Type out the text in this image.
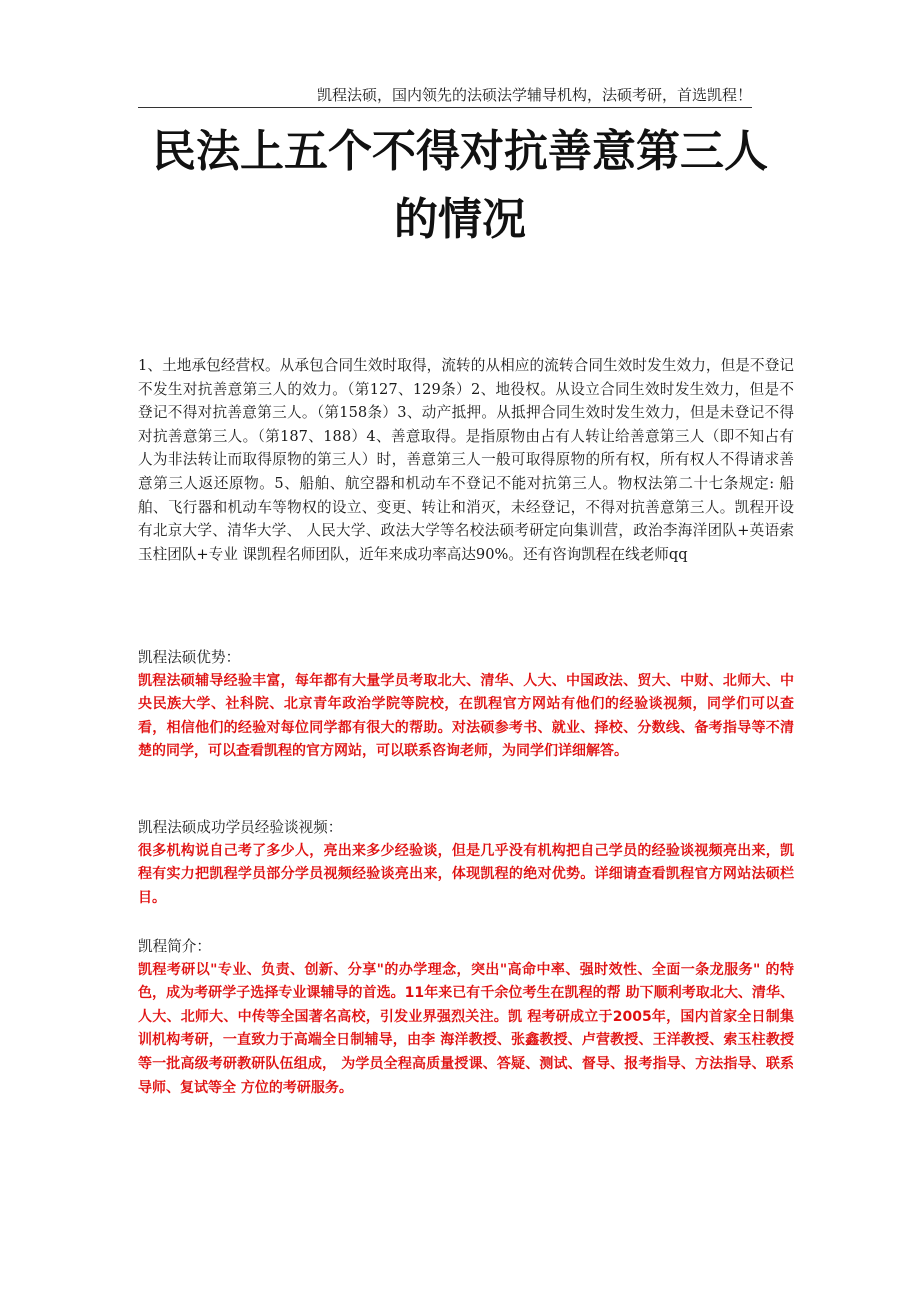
凯程法硕，国内领先的法硕法学辅导机构，法硕考研，首选凯程！
民法上五个不得对抗善意第三人
的情况

1、土地承包经营权。从承包合同生效时取得，流转的从相应的流转合同生效时发生效力，但是不登记不发生对抗善意第三人的效力。（第127、129条）2、地役权。从设立合同生效时发生效力，但是不登记不得对抗善意第三人。（第158条）3、动产抵押。从抵押合同生效时发生效力，但是未登记不得对抗善意第三人。（第187、188）4、善意取得。是指原物由占有人转让给善意第三人（即不知占有人为非法转让而取得原物的第三人）时，善意第三人一般可取得原物的所有权，所有权人不得请求善意第三人返还原物。5、船舶、航空器和机动车不登记不能对抗第三人。物权法第二十七条规定: 船舶、飞行器和机动车等物权的设立、变更、转让和消灭，未经登记，不得对抗善意第三人。凯程开设有北京大学、清华大学、 人民大学、政法大学等名校法硕考研定向集训营，政治李海洋团队+英语索玉柱团队+专业 课凯程名师团队，近年来成功率高达90%。还有咨询凯程在线老师qq

凯程法硕优势：

凯程法硕辅导经验丰富，每年都有大量学员考取北大、清华、人大、中国政法、贸大、中财、北师大、中央民族大学、社科院、北京青年政治学院等院校，在凯程官方网站有他们的经验谈视频，同学们可以查看，相信他们的经验对每位同学都有很大的帮助。对法硕参考书、就业、择校、分数线、备考指导等不清楚的同学，可以查看凯程的官方网站，可以联系咨询老师，为同学们详细解答。

凯程法硕成功学员经验谈视频：

很多机构说自己考了多少人，亮出来多少经验谈，但是几乎没有机构把自己学员的经验谈视频亮出来，凯程有实力把凯程学员部分学员视频经验谈亮出来，体现凯程的绝对优势。详细请查看凯程官方网站法硕栏目。

凯程简介：

凯程考研以"专业、负责、创新、分享"的办学理念，突出"高命中率、强时效性、全面一条龙服务" 的特色，成为考研学子选择专业课辅导的首选。11年来已有千余位考生在凯程的帮 助下顺利考取北大、清华、人大、北师大、中传等全国著名高校，引发业界强烈关注。凯 程考研成立于2005年，国内首家全日制集训机构考研，一直致力于高端全日制辅导，由李 海洋教授、张鑫教授、卢营教授、王洋教授、索玉柱教授等一批高级考研教研队伍组成， 为学员全程高质量授课、答疑、测试、督导、报考指导、方法指导、联系导师、复试等全 方位的考研服务。
